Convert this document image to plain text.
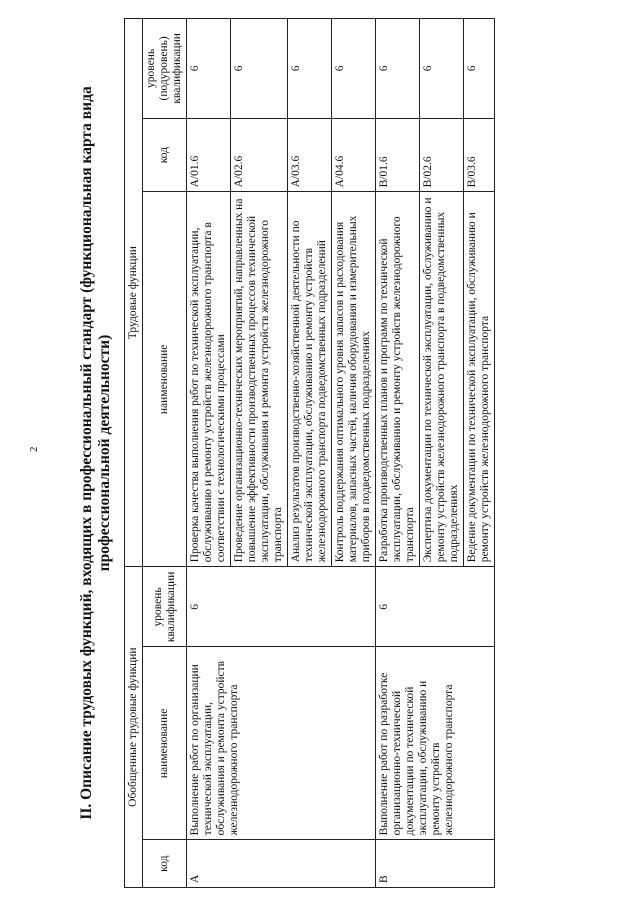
2 II. Описание трудовых функций, входящих в профессиональный стандарт (функциональная карта вида профессиональной деятельности)
Обобщенные трудовые функции			Трудовые функции		
код	наименование	уровень квалификации	наименование	код	уровень (подуровень) квалификации
А	Выполнение работ по организации технической эксплуатации, обслуживания и ремонта устройств железнодорожного транспорта	6	Проверка качества выполнения работ по технической эксплуатации, обслуживанию и ремонту устройств железнодорожного транспорта в соответствии с технологическими процессами	А/01.6	6
			Проведение организационно-технических мероприятий, направленных на повышение эффективности производственных процессов технической эксплуатации, обслуживания и ремонта устройств железнодорожного транспорта	А/02.6	6
			Анализ результатов производственно-хозяйственной деятельности по технической эксплуатации, обслуживанию и ремонту устройств железнодорожного транспорта подведомственных подразделений	А/03.6	6
			Контроль поддержания оптимального уровня запасов и расходования материалов, запасных частей, наличия оборудования и измерительных приборов в подведомственных подразделениях	А/04.6	6
В	Выполнение работ по разработке организационно-технической документации по технической эксплуатации, обслуживанию и ремонту устройств железнодорожного транспорта	6	Разработка производственных планов и программ по технической эксплуатации, обслуживанию и ремонту устройств железнодорожного транспорта	В/01.6	6
			Экспертиза документации по технической эксплуатации, обслуживанию и ремонту устройств железнодорожного транспорта в подведомственных подразделениях	В/02.6	6
			Ведение документации по технической эксплуатации, обслуживанию и ремонту устройств железнодорожного транспорта	В/03.6	6
